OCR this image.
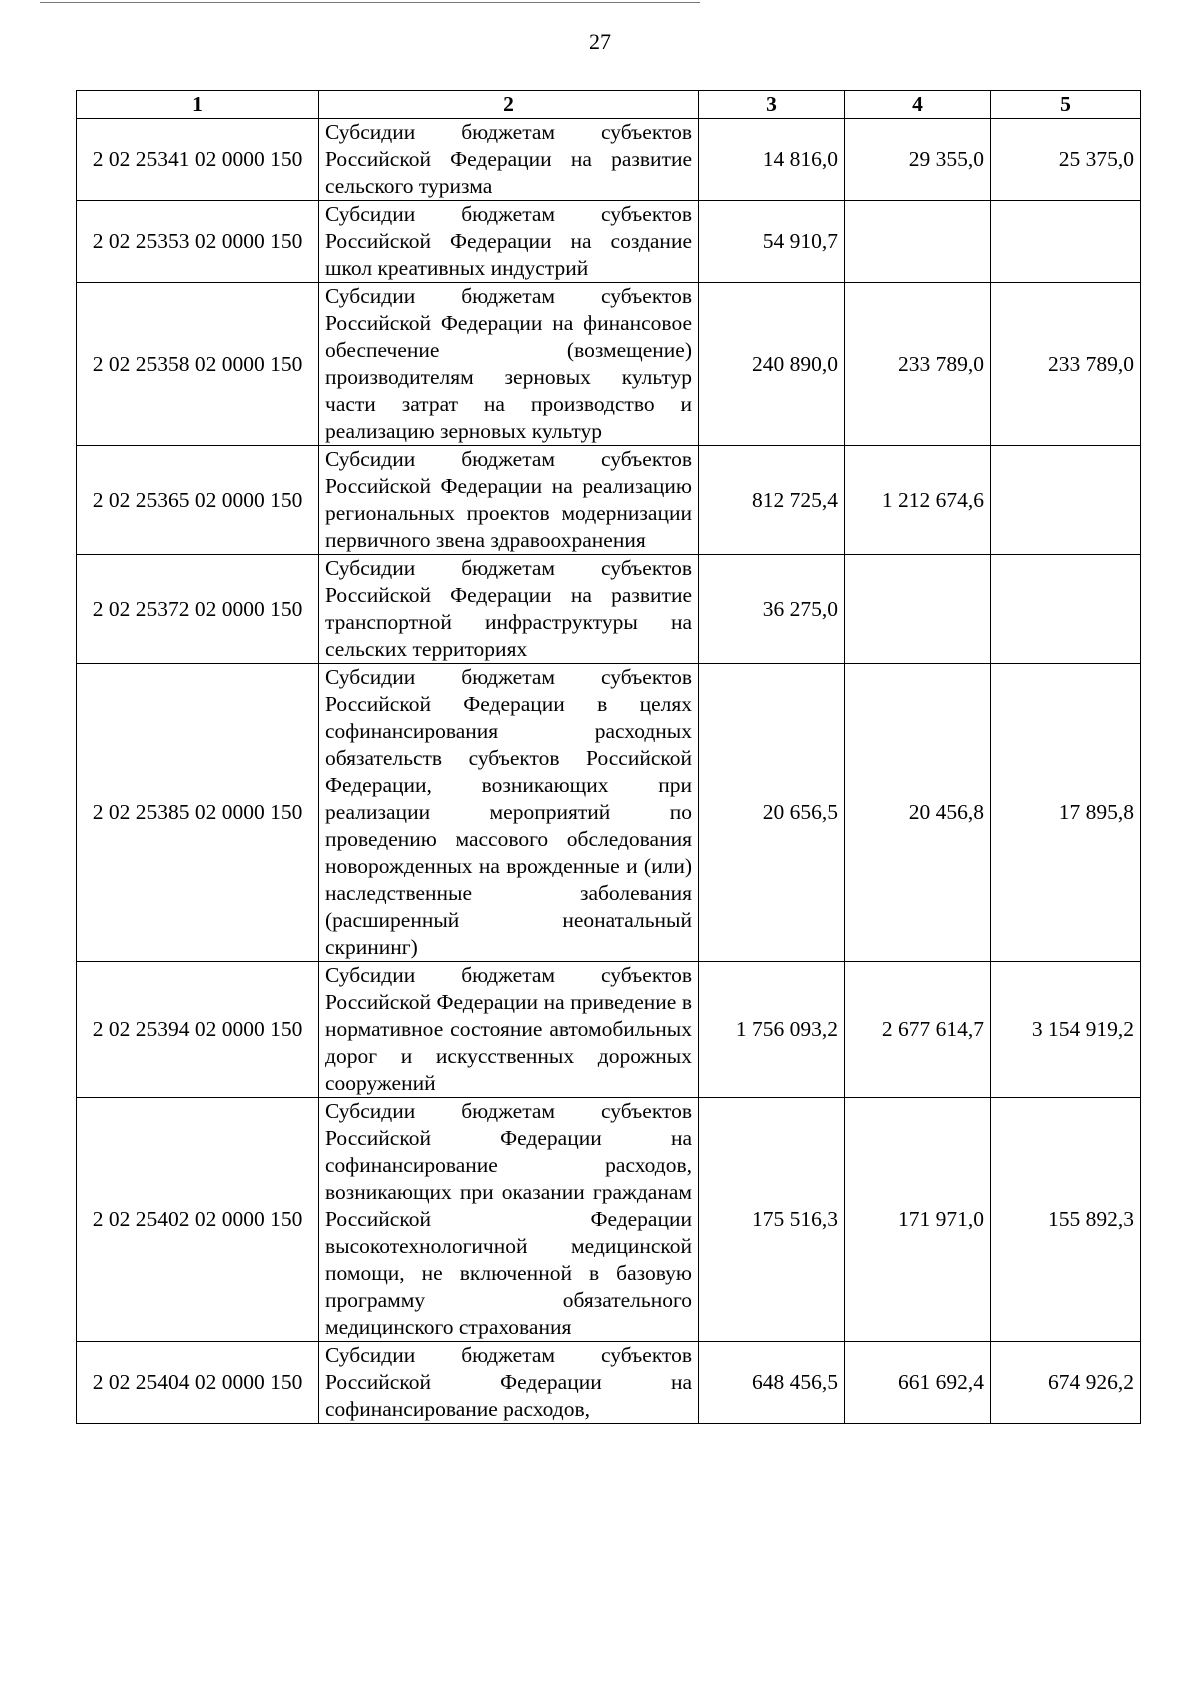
27
1	2	3	4	5
2 02 25341 02 0000 150	Субсидии бюджетам субъектов Российской Федерации на развитие сельского туризма	14 816,0	29 355,0	25 375,0
2 02 25353 02 0000 150	Субсидии бюджетам субъектов Российской Федерации на создание школ креативных индустрий	54 910,7		
2 02 25358 02 0000 150	Субсидии бюджетам субъектов Российской Федерации на финансовое обеспечение (возмещение) производителям зерновых культур части затрат на производство и реализацию зерновых культур	240 890,0	233 789,0	233 789,0
2 02 25365 02 0000 150	Субсидии бюджетам субъектов Российской Федерации на реализацию региональных проектов модернизации первичного звена здравоохранения	812 725,4	1 212 674,6	
2 02 25372 02 0000 150	Субсидии бюджетам субъектов Российской Федерации на развитие транспортной инфраструктуры на сельских территориях	36 275,0		
2 02 25385 02 0000 150	Субсидии бюджетам субъектов Российской Федерации в целях софинансирования расходных обязательств субъектов Российской Федерации, возникающих при реализации мероприятий по проведению массового обследования новорожденных на врожденные и (или) наследственные заболевания (расширенный неонатальный скрининг)	20 656,5	20 456,8	17 895,8
2 02 25394 02 0000 150	Субсидии бюджетам субъектов Российской Федерации на приведение в нормативное состояние автомобильных дорог и искусственных дорожных сооружений	1 756 093,2	2 677 614,7	3 154 919,2
2 02 25402 02 0000 150	Субсидии бюджетам субъектов Российской Федерации на софинансирование расходов, возникающих при оказании гражданам Российской Федерации высокотехнологичной медицинской помощи, не включенной в базовую программу обязательного медицинского страхования	175 516,3	171 971,0	155 892,3
2 02 25404 02 0000 150	Субсидии бюджетам субъектов Российской Федерации на софинансирование расходов,	648 456,5	661 692,4	674 926,2
